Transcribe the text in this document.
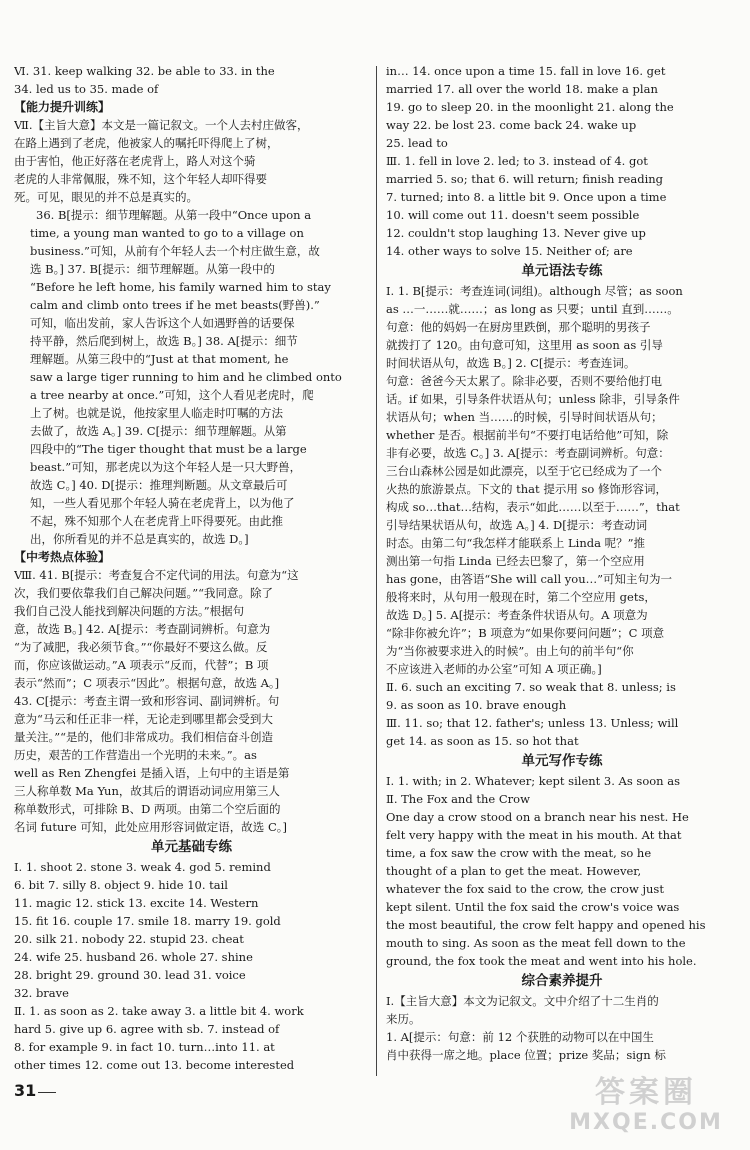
Ⅵ. 31. keep walking 32. be able to 33. in the
34. led us to 35. made of
【能力提升训练】
Ⅶ.【主旨大意】本文是一篇记叙文。一个人去村庄做客，
在路上遇到了老虎，他被家人的嘱托吓得爬上了树，
由于害怕，他正好落在老虎背上，路人对这个骑
老虎的人非常佩服，殊不知，这个年轻人却吓得要
死。可见，眼见的并不总是真实的。
36. B[提示：细节理解题。从第一段中“Once upon a
time, a young man wanted to go to a village on
business.”可知，从前有个年轻人去一个村庄做生意，故
选 B。] 37. B[提示：细节理解题。从第一段中的
“Before he left home, his family warned him to stay
calm and climb onto trees if he met beasts(野兽).”
可知，临出发前，家人告诉这个人如遇野兽的话要保
持平静，然后爬到树上，故选 B。] 38. A[提示：细节
理解题。从第三段中的“Just at that moment, he
saw a large tiger running to him and he climbed onto
a tree nearby at once.”可知，这个人看见老虎时，爬
上了树。也就是说，他按家里人临走时叮嘱的方法
去做了，故选 A。] 39. C[提示：细节理解题。从第
四段中的“The tiger thought that must be a large
beast.”可知，那老虎以为这个年轻人是一只大野兽，
故选 C。] 40. D[提示：推理判断题。从文章最后可
知，一些人看见那个年轻人骑在老虎背上，以为他了
不起，殊不知那个人在老虎背上吓得要死。由此推
出，你所看见的并不总是真实的，故选 D。]
【中考热点体验】
Ⅷ. 41. B[提示：考查复合不定代词的用法。句意为“这
次，我们要依靠我们自己解决问题。”“我同意。除了
我们自己没人能找到解决问题的方法。”根据句
意，故选 B。] 42. A[提示：考查副词辨析。句意为
“为了减肥，我必须节食。”“你最好不要这么做。反
而，你应该做运动。”A 项表示“反而，代替”；B 项
表示“然而”；C 项表示“因此”。根据句意，故选 A。]
43. C[提示：考查主谓一致和形容词、副词辨析。句
意为“马云和任正非一样，无论走到哪里都会受到大
量关注。”“是的，他们非常成功。我们相信奋斗创造
历史，艰苦的工作营造出一个光明的未来。”。as
well as Ren Zhengfei 是插入语，上句中的主语是第
三人称单数 Ma Yun，故其后的谓语动词应用第三人
称单数形式，可排除 B、D 两项。由第二个空后面的
名词 future 可知，此处应用形容词做定语，故选 C。]
单元基础专练
Ⅰ. 1. shoot 2. stone 3. weak 4. god 5. remind
6. bit 7. silly 8. object 9. hide 10. tail
11. magic 12. stick 13. excite 14. Western
15. fit 16. couple 17. smile 18. marry 19. gold
20. silk 21. nobody 22. stupid 23. cheat
24. wife 25. husband 26. whole 27. shine
28. bright 29. ground 30. lead 31. voice
32. brave
Ⅱ. 1. as soon as 2. take away 3. a little bit 4. work
hard 5. give up 6. agree with sb. 7. instead of
8. for example 9. in fact 10. turn…into 11. at
other times 12. come out 13. become interested
in… 14. once upon a time 15. fall in love 16. get
married 17. all over the world 18. make a plan
19. go to sleep 20. in the moonlight 21. along the
way 22. be lost 23. come back 24. wake up
25. lead to
Ⅲ. 1. fell in love 2. led; to 3. instead of 4. got
married 5. so; that 6. will return; finish reading
7. turned; into 8. a little bit 9. Once upon a time
10. will come out 11. doesn't seem possible
12. couldn't stop laughing 13. Never give up
14. other ways to solve 15. Neither of; are
单元语法专练
Ⅰ. 1. B[提示：考查连词(词组)。although 尽管；as soon
as …一……就……；as long as 只要；until 直到……。
句意：他的妈妈一在厨房里跌倒，那个聪明的男孩子
就拨打了 120。由句意可知，这里用 as soon as 引导
时间状语从句，故选 B。] 2. C[提示：考查连词。
句意：爸爸今天太累了。除非必要，否则不要给他打电
话。if 如果，引导条件状语从句；unless 除非，引导条件
状语从句；when 当……的时候，引导时间状语从句；
whether 是否。根据前半句“不要打电话给他”可知，除
非有必要，故选 C。] 3. A[提示：考查副词辨析。句意：
三台山森林公园是如此漂亮，以至于它已经成为了一个
火热的旅游景点。下文的 that 提示用 so 修饰形容词，
构成 so…that…结构，表示“如此……以至于……”，that
引导结果状语从句，故选 A。] 4. D[提示：考查动词
时态。由第二句“我怎样才能联系上 Linda 呢？”推
测出第一句指 Linda 已经去巴黎了，第一个空应用
has gone，由答语“She will call you…”可知主句为一
般将来时，从句用一般现在时，第二个空应用 gets，
故选 D。] 5. A[提示：考查条件状语从句。A 项意为
“除非你被允许”；B 项意为“如果你要问问题”；C 项意
为“当你被要求进入的时候”。由上句的前半句“你
不应该进入老师的办公室”可知 A 项正确。]
Ⅱ. 6. such an exciting 7. so weak that 8. unless; is
9. as soon as 10. brave enough
Ⅲ. 11. so; that 12. father's; unless 13. Unless; will
get 14. as soon as 15. so hot that
单元写作专练
Ⅰ. 1. with; in 2. Whatever; kept silent 3. As soon as
Ⅱ. The Fox and the Crow
One day a crow stood on a branch near his nest. He
felt very happy with the meat in his mouth. At that
time, a fox saw the crow with the meat, so he
thought of a plan to get the meat. However,
whatever the fox said to the crow, the crow just
kept silent. Until the fox said the crow's voice was
the most beautiful, the crow felt happy and opened his
mouth to sing. As soon as the meat fell down to the
ground, the fox took the meat and went into his hole.
综合素养提升
Ⅰ.【主旨大意】本文为记叙文。文中介绍了十二生肖的
来历。
1. A[提示：句意：前 12 个获胜的动物可以在中国生
肖中获得一席之地。place 位置；prize 奖品；sign 标
31	答案圈
MXQE.COM
